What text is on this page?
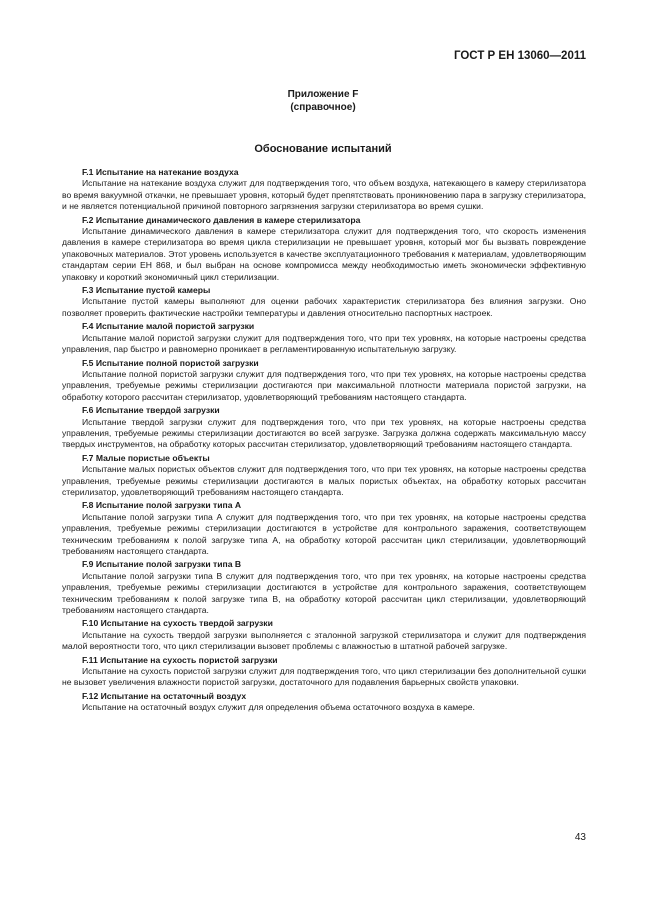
ГОСТ Р ЕН 13060—2011
Приложение F
(справочное)
Обоснование испытаний
F.1 Испытание на натекание воздуха

Испытание на натекание воздуха служит для подтверждения того, что объем воздуха, натекающего в камеру стерилизатора во время вакуумной откачки, не превышает уровня, который будет препятствовать проникновению пара в загрузку стерилизатора, и не является потенциальной причиной повторного загрязнения загрузки стерилизатора во время сушки.

F.2 Испытание динамического давления в камере стерилизатора

Испытание динамического давления в камере стерилизатора служит для подтверждения того, что скорость изменения давления в камере стерилизатора во время цикла стерилизации не превышает уровня, который мог бы вызвать повреждение упаковочных материалов. Этот уровень используется в качестве эксплуатационного требования к материалам, удовлетворяющим стандартам серии ЕН 868, и был выбран на основе компромисса между необходимостью иметь экономически эффективную упаковку и короткий экономичный цикл стерилизации.

F.3 Испытание пустой камеры

Испытание пустой камеры выполняют для оценки рабочих характеристик стерилизатора без влияния загрузки. Оно позволяет проверить фактические настройки температуры и давления относительно паспортных настроек.

F.4 Испытание малой пористой загрузки

Испытание малой пористой загрузки служит для подтверждения того, что при тех уровнях, на которые настроены средства управления, пар быстро и равномерно проникает в регламентированную испытательную загрузку.

F.5 Испытание полной пористой загрузки

Испытание полной пористой загрузки служит для подтверждения того, что при тех уровнях, на которые настроены средства управления, требуемые режимы стерилизации достигаются при максимальной плотности материала пористой загрузки, на обработку которого рассчитан стерилизатор, удовлетворяющий требованиям настоящего стандарта.

F.6 Испытание твердой загрузки

Испытание твердой загрузки служит для подтверждения того, что при тех уровнях, на которые настроены средства управления, требуемые режимы стерилизации достигаются во всей загрузке. Загрузка должна содержать максимальную массу твердых инструментов, на обработку которых рассчитан стерилизатор, удовлетворяющий требованиям настоящего стандарта.

F.7 Малые пористые объекты

Испытание малых пористых объектов служит для подтверждения того, что при тех уровнях, на которые настроены средства управления, требуемые режимы стерилизации достигаются в малых пористых объектах, на обработку которых рассчитан стерилизатор, удовлетворяющий требованиям настоящего стандарта.

F.8 Испытание полой загрузки типа А

Испытание полой загрузки типа А служит для подтверждения того, что при тех уровнях, на которые настроены средства управления, требуемые режимы стерилизации достигаются в устройстве для контрольного заражения, соответствующем техническим требованиям к полой загрузке типа А, на обработку которой рассчитан цикл стерилизации, удовлетворяющий требованиям настоящего стандарта.

F.9 Испытание полой загрузки типа В

Испытание полой загрузки типа В служит для подтверждения того, что при тех уровнях, на которые настроены средства управления, требуемые режимы стерилизации достигаются в устройстве для контрольного заражения, соответствующем техническим требованиям к полой загрузке типа В, на обработку которой рассчитан цикл стерилизации, удовлетворяющий требованиям настоящего стандарта.

F.10 Испытание на сухость твердой загрузки

Испытание на сухость твердой загрузки выполняется с эталонной загрузкой стерилизатора и служит для подтверждения малой вероятности того, что цикл стерилизации вызовет проблемы с влажностью в штатной рабочей загрузке.

F.11 Испытание на сухость пористой загрузки

Испытание на сухость пористой загрузки служит для подтверждения того, что цикл стерилизации без дополнительной сушки не вызовет увеличения влажности пористой загрузки, достаточного для подавления барьерных свойств упаковки.

F.12 Испытание на остаточный воздух

Испытание на остаточный воздух служит для определения объема остаточного воздуха в камере.

43
